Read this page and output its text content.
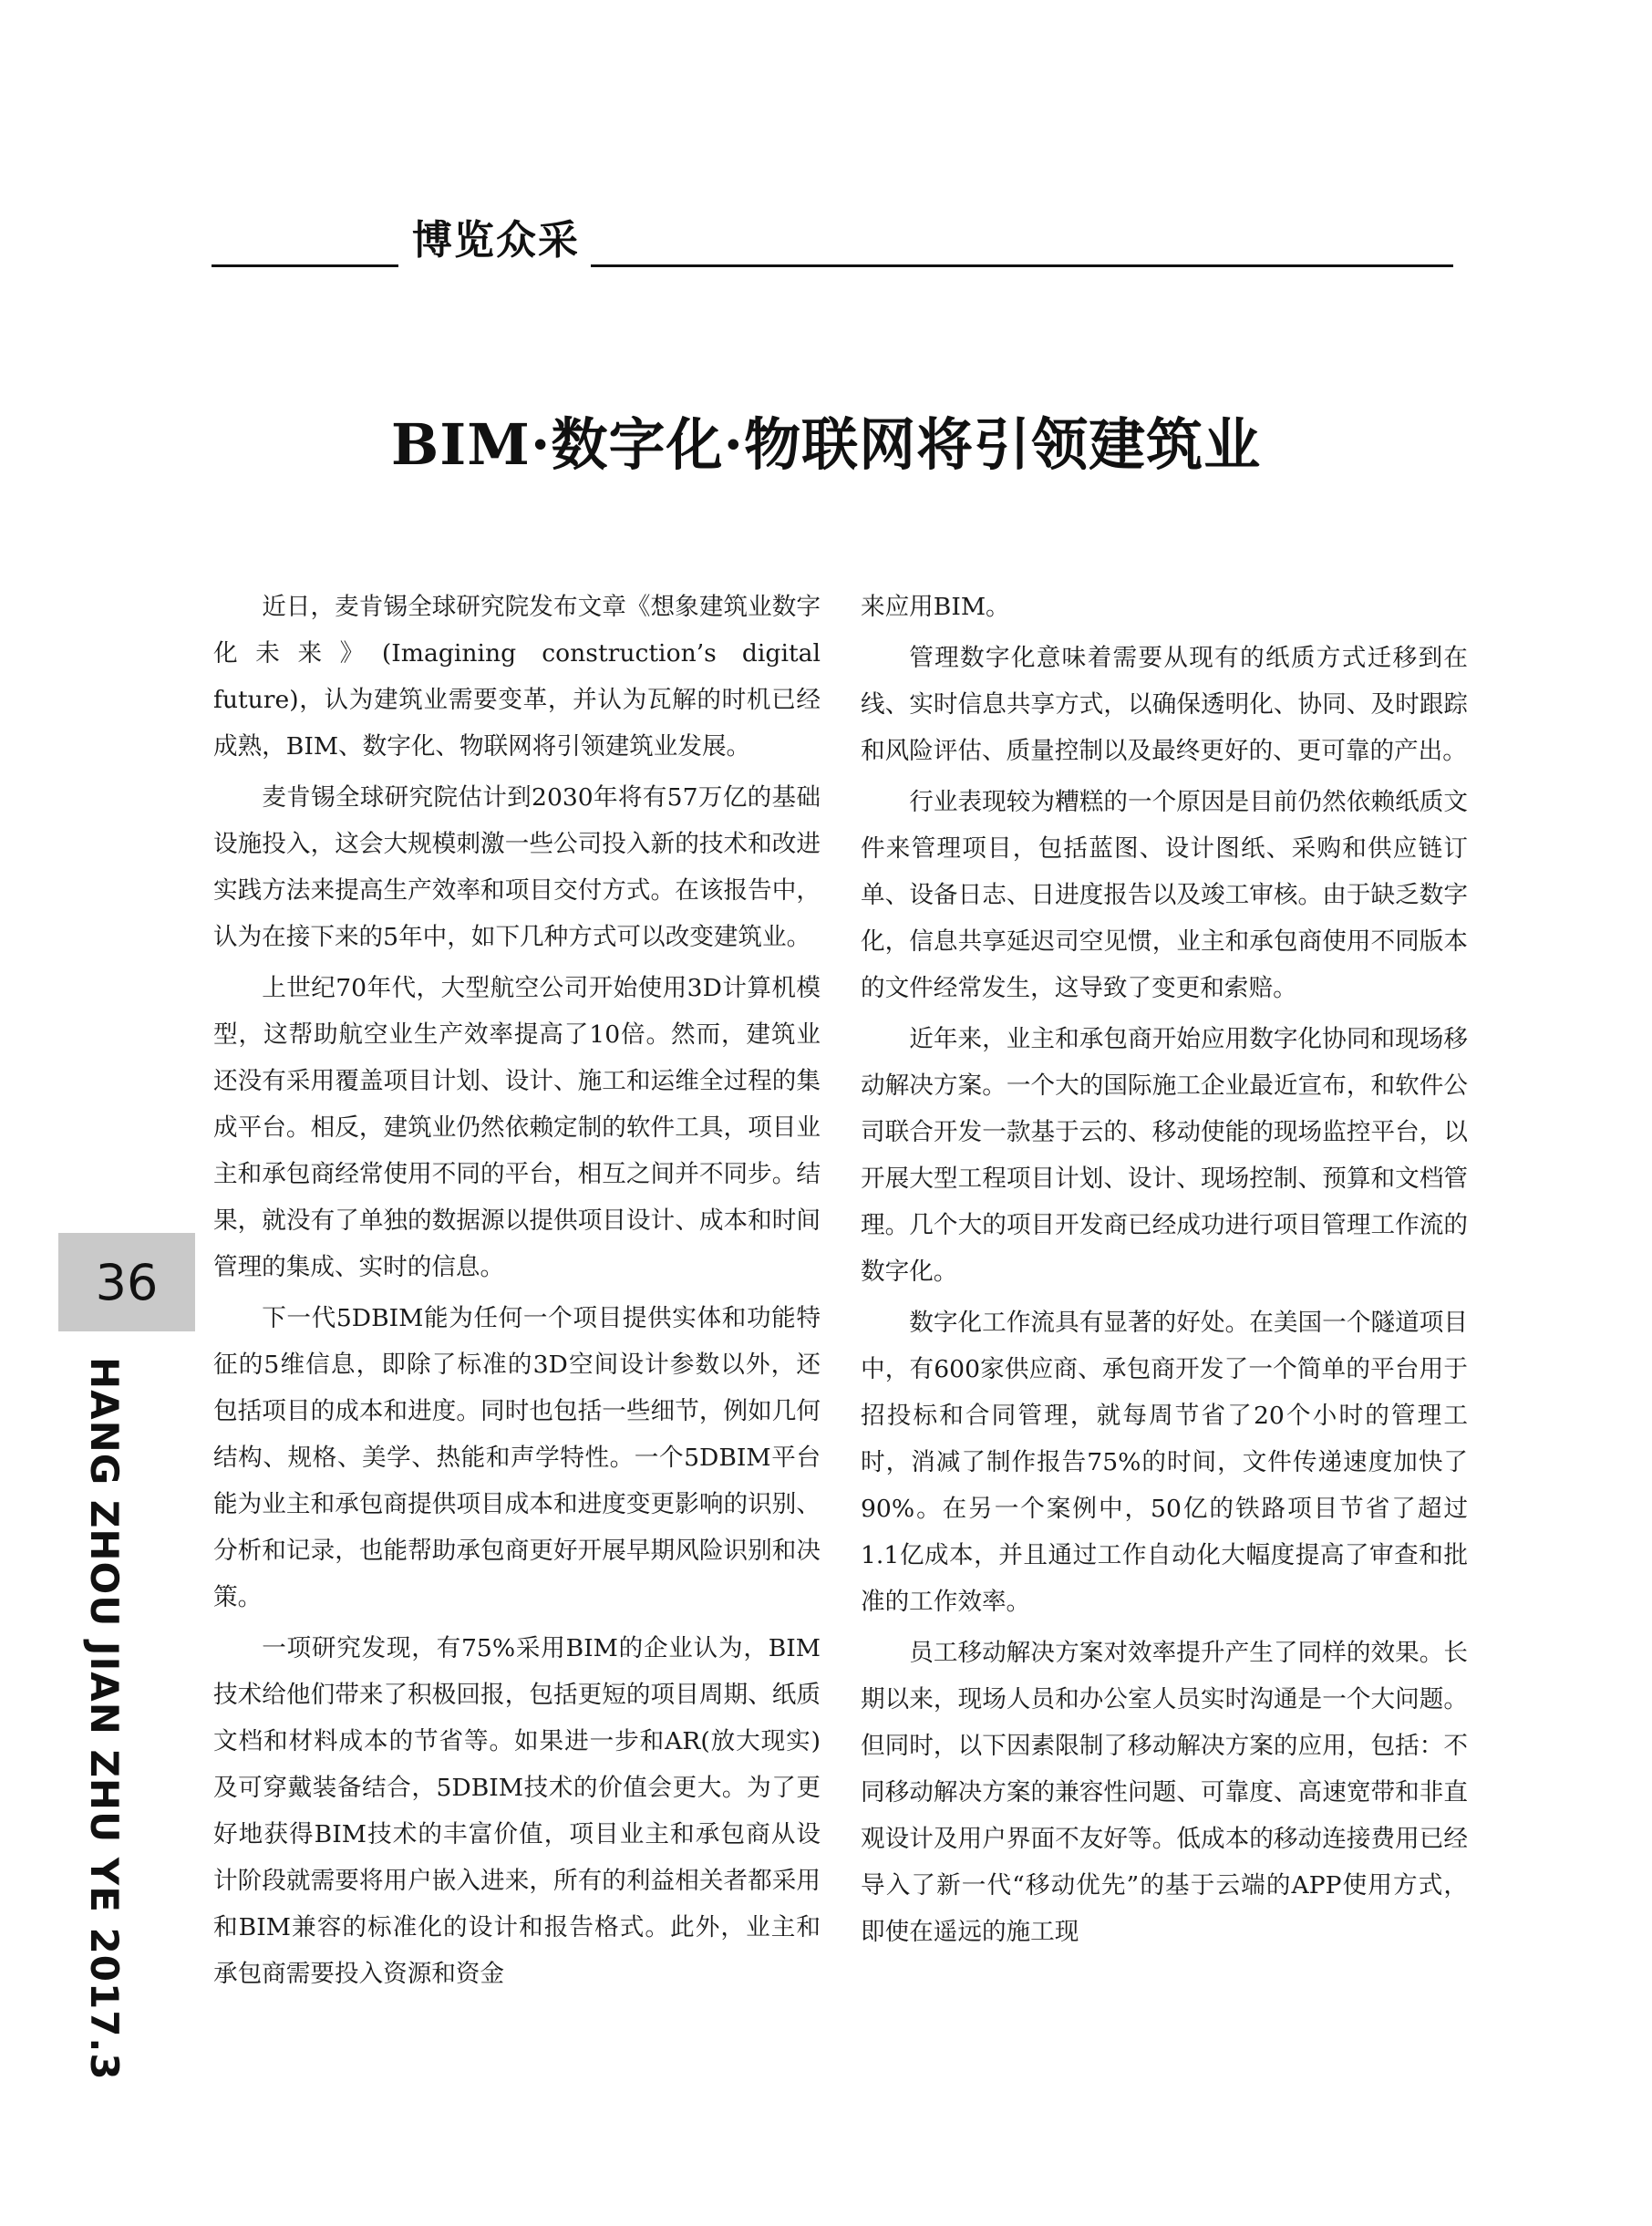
博览众采
BIM·数字化·物联网将引领建筑业

近日，麦肯锡全球研究院发布文章《想象建筑业数字化未来》(Imagining construction’s digital future)，认为建筑业需要变革，并认为瓦解的时机已经成熟，BIM、数字化、物联网将引领建筑业发展。

麦肯锡全球研究院估计到2030年将有57万亿的基础设施投入，这会大规模刺激一些公司投入新的技术和改进实践方法来提高生产效率和项目交付方式。在该报告中，认为在接下来的5年中，如下几种方式可以改变建筑业。

上世纪70年代，大型航空公司开始使用3D计算机模型，这帮助航空业生产效率提高了10倍。然而，建筑业还没有采用覆盖项目计划、设计、施工和运维全过程的集成平台。相反，建筑业仍然依赖定制的软件工具，项目业主和承包商经常使用不同的平台，相互之间并不同步。结果，就没有了单独的数据源以提供项目设计、成本和时间管理的集成、实时的信息。

下一代5DBIM能为任何一个项目提供实体和功能特征的5维信息，即除了标准的3D空间设计参数以外，还包括项目的成本和进度。同时也包括一些细节，例如几何结构、规格、美学、热能和声学特性。一个5DBIM平台能为业主和承包商提供项目成本和进度变更影响的识别、分析和记录，也能帮助承包商更好开展早期风险识别和决策。

一项研究发现，有75%采用BIM的企业认为，BIM技术给他们带来了积极回报，包括更短的项目周期、纸质文档和材料成本的节省等。如果进一步和AR(放大现实)及可穿戴装备结合，5DBIM技术的价值会更大。为了更好地获得BIM技术的丰富价值，项目业主和承包商从设计阶段就需要将用户嵌入进来，所有的利益相关者都采用和BIM兼容的标准化的设计和报告格式。此外，业主和承包商需要投入资源和资金

来应用BIM。

管理数字化意味着需要从现有的纸质方式迁移到在线、实时信息共享方式，以确保透明化、协同、及时跟踪和风险评估、质量控制以及最终更好的、更可靠的产出。

行业表现较为糟糕的一个原因是目前仍然依赖纸质文件来管理项目，包括蓝图、设计图纸、采购和供应链订单、设备日志、日进度报告以及竣工审核。由于缺乏数字化，信息共享延迟司空见惯，业主和承包商使用不同版本的文件经常发生，这导致了变更和索赔。

近年来，业主和承包商开始应用数字化协同和现场移动解决方案。一个大的国际施工企业最近宣布，和软件公司联合开发一款基于云的、移动使能的现场监控平台，以开展大型工程项目计划、设计、现场控制、预算和文档管理。几个大的项目开发商已经成功进行项目管理工作流的数字化。

数字化工作流具有显著的好处。在美国一个隧道项目中，有600家供应商、承包商开发了一个简单的平台用于招投标和合同管理，就每周节省了20个小时的管理工时，消减了制作报告75%的时间，文件传递速度加快了90%。在另一个案例中，50亿的铁路项目节省了超过1.1亿成本，并且通过工作自动化大幅度提高了审查和批准的工作效率。

员工移动解决方案对效率提升产生了同样的效果。长期以来，现场人员和办公室人员实时沟通是一个大问题。但同时，以下因素限制了移动解决方案的应用，包括：不同移动解决方案的兼容性问题、可靠度、高速宽带和非直观设计及用户界面不友好等。低成本的移动连接费用已经导入了新一代“移动优先”的基于云端的APP使用方式，即使在遥远的施工现

36
HANG ZHOU JIAN ZHU YE 2017.3
